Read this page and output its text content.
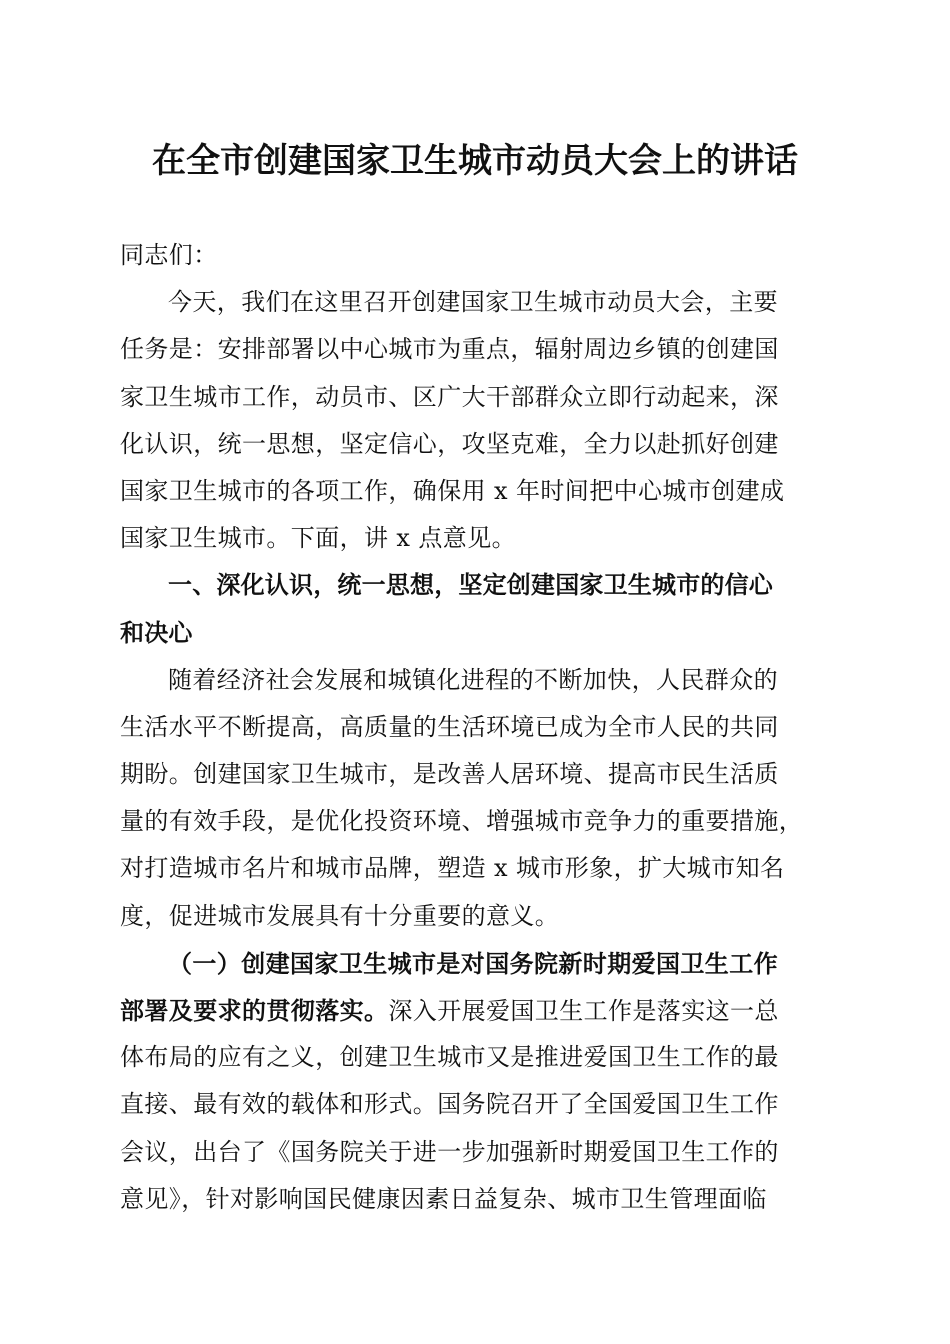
在全市创建国家卫生城市动员大会上的讲话
同志们：
今天，我们在这里召开创建国家卫生城市动员大会，主要
任务是：安排部署以中心城市为重点，辐射周边乡镇的创建国
家卫生城市工作，动员市、区广大干部群众立即行动起来，深
化认识，统一思想，坚定信心，攻坚克难，全力以赴抓好创建
国家卫生城市的各项工作，确保用 x 年时间把中心城市创建成
国家卫生城市。下面，讲 x 点意见。
一、深化认识，统一思想，坚定创建国家卫生城市的信心
和决心
随着经济社会发展和城镇化进程的不断加快，人民群众的
生活水平不断提高，高质量的生活环境已成为全市人民的共同
期盼。创建国家卫生城市，是改善人居环境、提高市民生活质
量的有效手段，是优化投资环境、增强城市竞争力的重要措施，
对打造城市名片和城市品牌，塑造 x 城市形象，扩大城市知名
度，促进城市发展具有十分重要的意义。
（一）创建国家卫生城市是对国务院新时期爱国卫生工作
部署及要求的贯彻落实。深入开展爱国卫生工作是落实这一总
体布局的应有之义，创建卫生城市又是推进爱国卫生工作的最
直接、最有效的载体和形式。国务院召开了全国爱国卫生工作
会议，出台了《国务院关于进一步加强新时期爱国卫生工作的
意见》，针对影响国民健康因素日益复杂、城市卫生管理面临
